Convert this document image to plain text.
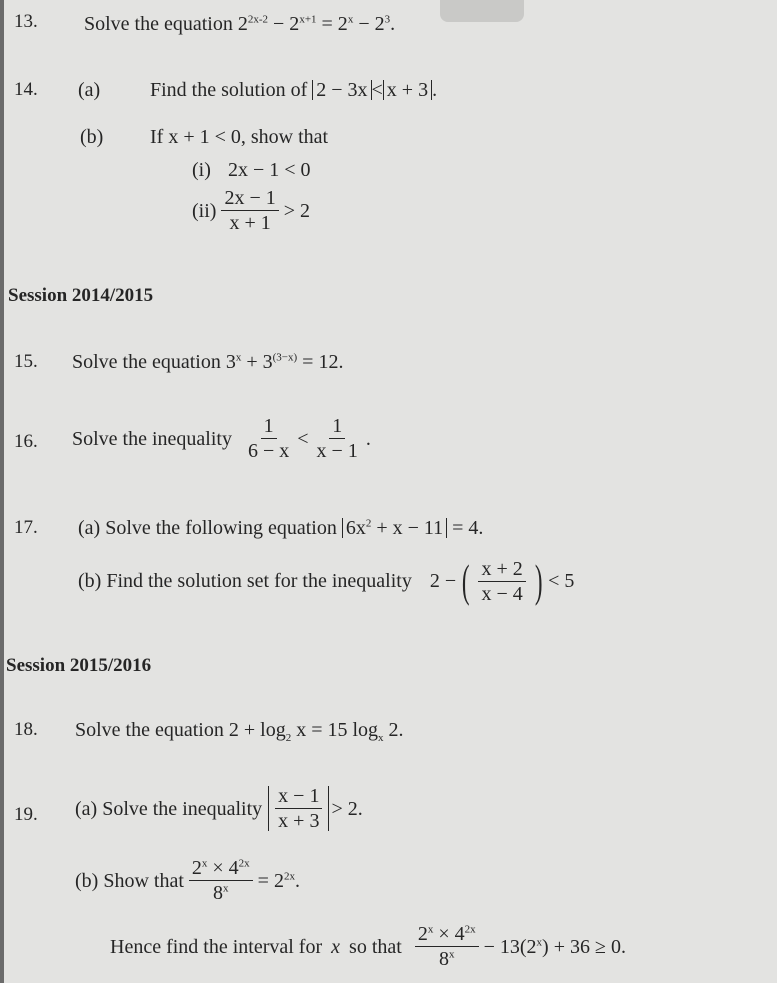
13. Solve the equation $2^{2x-2} - 2^{x+1} = 2^x - 2^3$.
14. (a) Find the solution of 2 − 3x < x + 3 .
(b) If x + 1 < 0, show that
(i) 2x − 1 < 0
$(ii) \frac{2x - 1}{x + 1} > 2$
Session 2014/2015
15. Solve the equation $3^x + 3^{(3-x)} = 12$.
16. Solve the inequality $\frac{1}{6 - x} < \frac{1}{x - 1}$ .
17. (a) Solve the following equation $6x^2 + x - 11 = 4$.
(b) Find the solution set for the inequality 2 − ( $\frac{x + 2}{x - 4}$ ) < 5
Session 2015/2016
18. Solve the equation $2 + \log_2 x = 15$ $\log_x 2$.
19. (a) Solve the inequality $\frac{x - 1}{x + 3} > 2$.
(b) Show that $\frac{2^x \times 4^{2x}}{8^x} = 2^{2x}$.
Hence find the interval for
x
so that $\frac{2^x \times 4^{2x}}{8^x} - 13(2^x) + 36 \ge 0$.
